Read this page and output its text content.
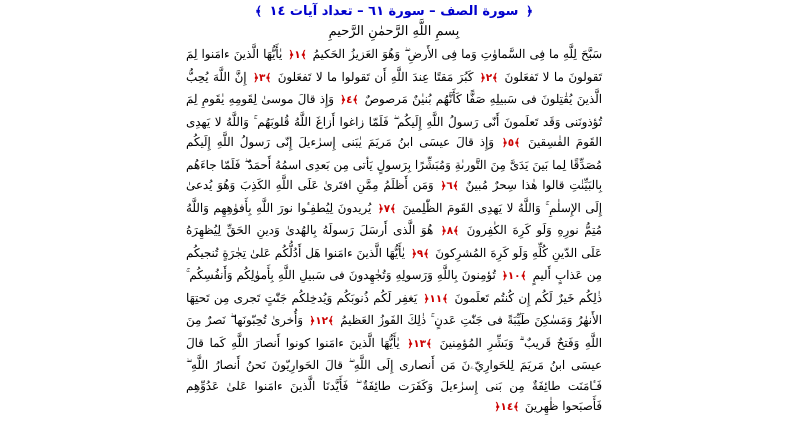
﴿ سورة الصف – سورة ٦١ – تعداد آيات ١٤ ﴾
بِسمِ اللَّهِ الرَّحمٰنِ الرَّحيمِ
سَبَّحَ لِلَّهِ ما فِى السَّماوٰتِ وَما فِى الأَرضِ ۖ وَهُوَ العَزيزُ الحَكيمُ ﴾١﴿ يٰأَيُّهَا الَّذينَ ءامَنوا لِمَ تَقولونَ ما لا تَفعَلونَ ﴾٢﴿ كَبُرَ مَقتًا عِندَ اللَّهِ أَن تَقولوا ما لا تَفعَلونَ ﴾٣﴿ إِنَّ اللَّهَ يُحِبُّ الَّذينَ يُقٰتِلونَ فى سَبيلِهِ صَفًّا كَأَنَّهُم بُنيٰنٌ مَرصوصٌ ﴾٤﴿ وَإِذ قالَ موسىٰ لِقَومِهِ يٰقَومِ لِمَ تُؤذونَنى وَقَد تَعلَمونَ أَنّى رَسولُ اللَّهِ إِلَيكُم ۖ فَلَمّا زاغوا أَزاغَ اللَّهُ قُلوبَهُم ۚ وَاللَّهُ لا يَهدِى القَومَ الفٰسِقينَ ﴾٥﴿ وَإِذ قالَ عيسَى ابنُ مَريَمَ يٰبَنى إِسرٰءيلَ إِنّى رَسولُ اللَّهِ إِلَيكُم مُصَدِّقًا لِما بَينَ يَدَىَّ مِنَ التَّورىٰةِ وَمُبَشِّرًا بِرَسولٍ يَأتى مِن بَعدِى اسمُهُ أَحمَدُ ۖ فَلَمّا جاءَهُم بِالبَيِّنٰتِ قالوا هٰذا سِحرٌ مُبينٌ ﴾٦﴿ وَمَن أَظلَمُ مِمَّنِ افتَرىٰ عَلَى اللَّهِ الكَذِبَ وَهُوَ يُدعىٰ إِلَى الإِسلٰمِ ۚ وَاللَّهُ لا يَهدِى القَومَ الظّٰلِمينَ ﴾٧﴿ يُريدونَ لِيُطفِـٔوا نورَ اللَّهِ بِأَفوٰهِهِم وَاللَّهُ مُتِمُّ نورِهِ وَلَو كَرِهَ الكٰفِرونَ ﴾٨﴿ هُوَ الَّذى أَرسَلَ رَسولَهُ بِالهُدىٰ وَدينِ الحَقِّ لِيُظهِرَهُ عَلَى الدّينِ كُلِّهِ وَلَو كَرِهَ المُشرِكونَ ﴾٩﴿ يٰأَيُّهَا الَّذينَ ءامَنوا هَل أَدُلُّكُم عَلىٰ تِجٰرَةٍ تُنجيكُم مِن عَذابٍ أَليمٍ ﴾١٠﴿ تُؤمِنونَ بِاللَّهِ وَرَسولِهِ وَتُجٰهِدونَ فى سَبيلِ اللَّهِ بِأَموٰلِكُم وَأَنفُسِكُم ۚ ذٰلِكُم خَيرٌ لَكُم إِن كُنتُم تَعلَمونَ ﴾١١﴿ يَغفِر لَكُم ذُنوبَكُم وَيُدخِلكُم جَنّٰتٍ تَجرى مِن تَحتِهَا الأَنهٰرُ وَمَسٰكِنَ طَيِّبَةً فى جَنّٰتِ عَدنٍ ۚ ذٰلِكَ الفَوزُ العَظيمُ ﴾١٢﴿ وَأُخرىٰ تُحِبّونَها ۖ نَصرٌ مِنَ اللَّهِ وَفَتحٌ قَريبٌ ۗ وَبَشِّرِ المُؤمِنينَ ﴾١٣﴿ يٰأَيُّهَا الَّذينَ ءامَنوا كونوا أَنصارَ اللَّهِ كَما قالَ عيسَى ابنُ مَريَمَ لِلحَوارِيّۦنَ مَن أَنصارى إِلَى اللَّهِ ۖ قالَ الحَوارِيّونَ نَحنُ أَنصارُ اللَّهِ ۖ فَـٔامَنَت طائِفَةٌ مِن بَنى إِسرٰءيلَ وَكَفَرَت طائِفَةٌ ۖ فَأَيَّدنَا الَّذينَ ءامَنوا عَلىٰ عَدُوِّهِم فَأَصبَحوا ظٰهِرينَ ﴾١٤﴿
